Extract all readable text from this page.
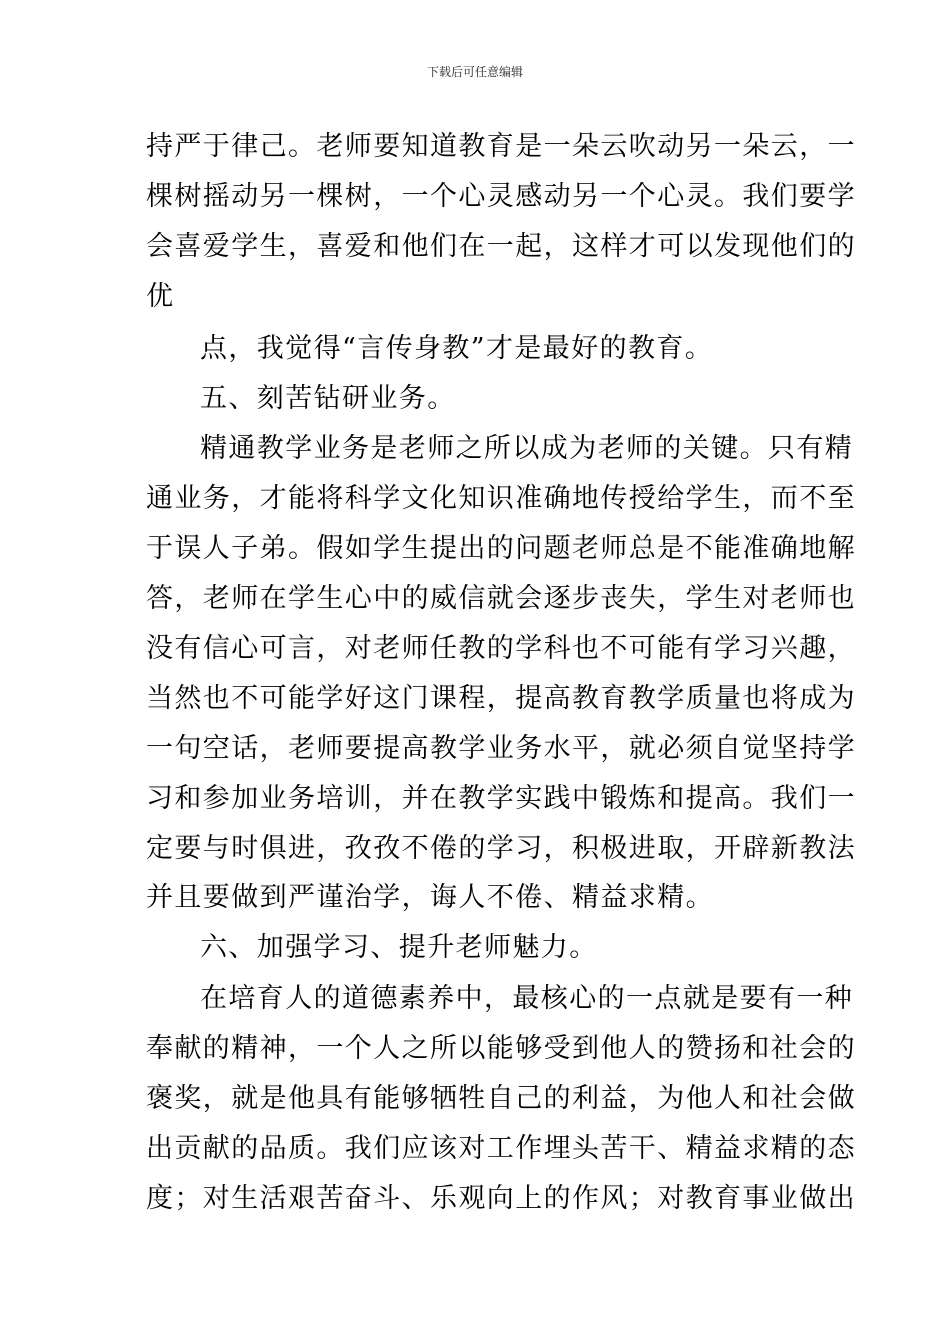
下载后可任意编辑
持严于律己。老师要知道教育是一朵云吹动另一朵云，一
棵树摇动另一棵树，一个心灵感动另一个心灵。我们要学
会喜爱学生，喜爱和他们在一起，这样才可以发现他们的
优
点，我觉得“言传身教”才是最好的教育。
五、刻苦钻研业务。
精通教学业务是老师之所以成为老师的关键。只有精
通业务，才能将科学文化知识准确地传授给学生，而不至
于误人子弟。假如学生提出的问题老师总是不能准确地解
答，老师在学生心中的威信就会逐步丧失，学生对老师也
没有信心可言，对老师任教的学科也不可能有学习兴趣，
当然也不可能学好这门课程，提高教育教学质量也将成为
一句空话，老师要提高教学业务水平，就必须自觉坚持学
习和参加业务培训，并在教学实践中锻炼和提高。我们一
定要与时俱进，孜孜不倦的学习，积极进取，开辟新教法
并且要做到严谨治学，诲人不倦、精益求精。
六、加强学习、提升老师魅力。
在培育人的道德素养中，最核心的一点就是要有一种
奉献的精神，一个人之所以能够受到他人的赞扬和社会的
褒奖，就是他具有能够牺牲自己的利益，为他人和社会做
出贡献的品质。我们应该对工作埋头苦干、精益求精的态
度；对生活艰苦奋斗、乐观向上的作风；对教育事业做出
